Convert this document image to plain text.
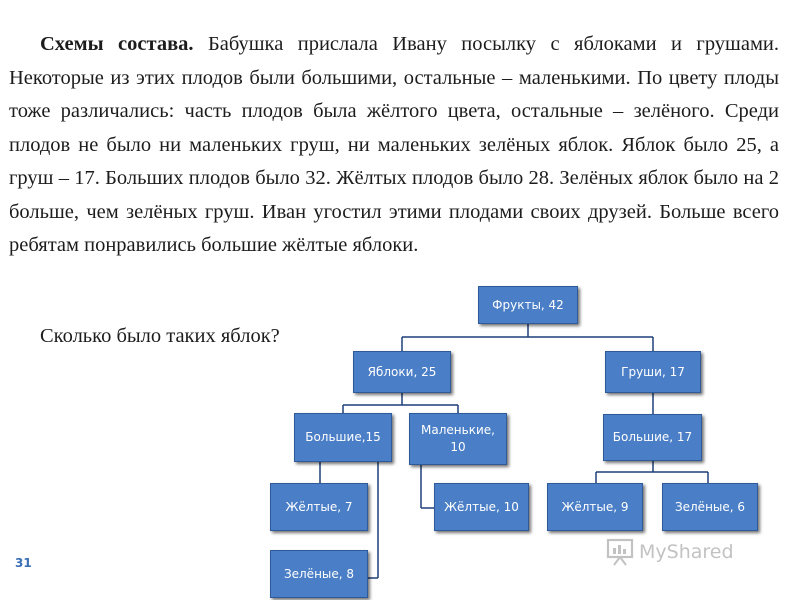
Схемы состава. Бабушка прислала Ивану посылку с яблоками и грушами. Некоторые из этих плодов были большими, остальные – маленькими. По цвету плоды тоже различались: часть плодов была жёлтого цвета, остальные – зелёного. Среди плодов не было ни маленьких груш, ни маленьких зелёных яблок. Яблок было 25, а груш – 17. Больших плодов было 32. Жёлтых плодов было 28. Зелёных яблок было на 2 больше, чем зелёных груш. Иван угостил этими плодами своих друзей. Больше всего ребятам понравились большие жёлтые яблоки.

Сколько было таких яблок?

Фрукты, 42
Яблоки, 25	Груши, 17
Большие,15	Маленькие, 10
Большие, 17
Жёлтые, 7
Зелёные, 8
Жёлтые, 10	Жёлтые, 9	Зелёные, 6
31	MyShared
